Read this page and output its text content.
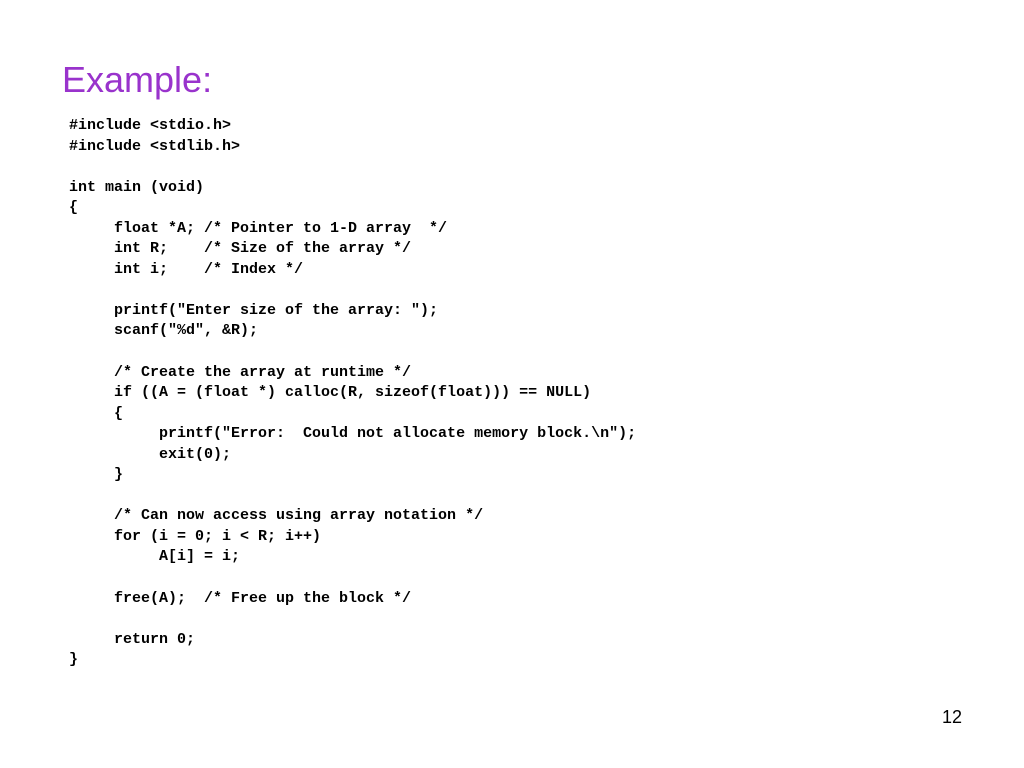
Example:
#include <stdio.h>
#include <stdlib.h>
int main (void)
{
float *A; /* Pointer to 1-D array  */
int R;    /* Size of the array */
int i;    /* Index */
printf("Enter size of the array: ");
scanf("%d", &R);
/* Create the array at runtime */
if ((A = (float *) calloc(R, sizeof(float))) == NULL)
{
printf("Error:  Could not allocate memory block.\n");
exit(0);
}
/* Can now access using array notation */
for (i = 0; i < R; i++)
A[i] = i;
free(A);  /* Free up the block */
return 0;
}
12
